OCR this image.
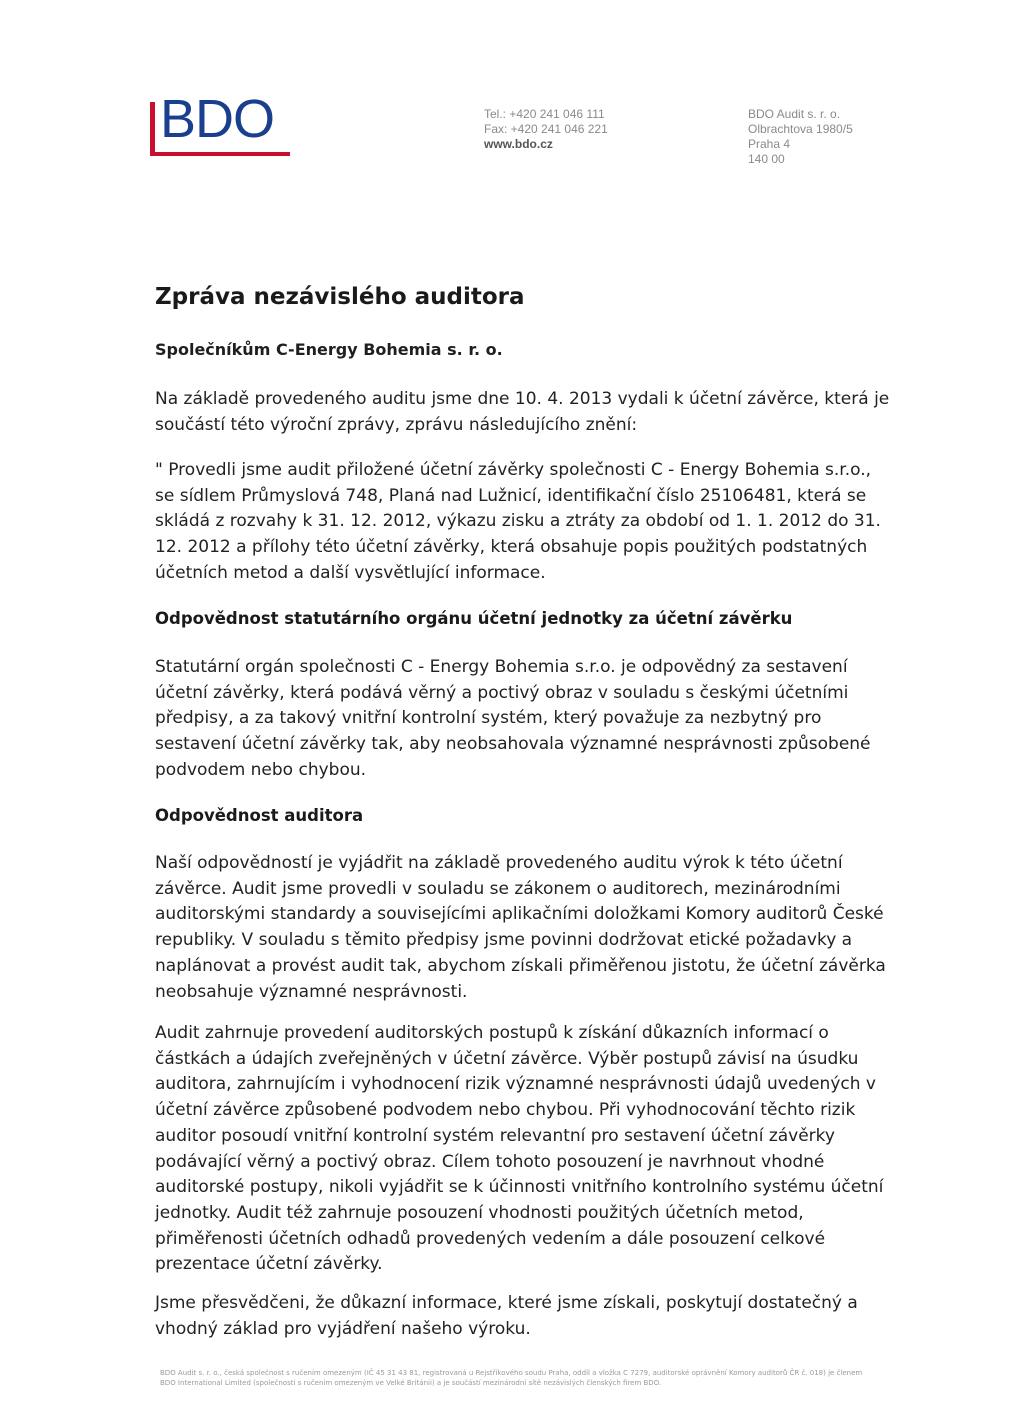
BDO	Tel.: +420 241 046 111
Fax: +420 241 046 221
www.bdo.cz
BDO Audit s. r. o.
Olbrachtova 1980/5
Praha 4
140 00
Zpráva nezávislého auditora
Společníkům C-Energy Bohemia s. r. o.

Na základě provedeného auditu jsme dne 10. 4. 2013 vydali k účetní závěrce, která je součástí této výroční zprávy, zprávu následujícího znění:

" Provedli jsme audit přiložené účetní závěrky společnosti C - Energy Bohemia s.r.o., se sídlem Průmyslová 748, Planá nad Lužnicí, identifikační číslo 25106481, která se skládá z rozvahy k 31. 12. 2012, výkazu zisku a ztráty za období od 1. 1. 2012 do 31. 12. 2012 a přílohy této účetní závěrky, která obsahuje popis použitých podstatných účetních metod a další vysvětlující informace.

Odpovědnost statutárního orgánu účetní jednotky za účetní závěrku

Statutární orgán společnosti C - Energy Bohemia s.r.o. je odpovědný za sestavení účetní závěrky, která podává věrný a poctivý obraz v souladu s českými účetními předpisy, a za takový vnitřní kontrolní systém, který považuje za nezbytný pro sestavení účetní závěrky tak, aby neobsahovala významné nesprávnosti způsobené podvodem nebo chybou.

Odpovědnost auditora

Naší odpovědností je vyjádřit na základě provedeného auditu výrok k této účetní závěrce. Audit jsme provedli v souladu se zákonem o auditorech, mezinárodními auditorskými standardy a souvisejícími aplikačními doložkami Komory auditorů České republiky. V souladu s těmito předpisy jsme povinni dodržovat etické požadavky a naplánovat a provést audit tak, abychom získali přiměřenou jistotu, že účetní závěrka neobsahuje významné nesprávnosti.

Audit zahrnuje provedení auditorských postupů k získání důkazních informací o částkách a údajích zveřejněných v účetní závěrce. Výběr postupů závisí na úsudku auditora, zahrnujícím i vyhodnocení rizik významné nesprávnosti údajů uvedených v účetní závěrce způsobené podvodem nebo chybou. Při vyhodnocování těchto rizik auditor posoudí vnitřní kontrolní systém relevantní pro sestavení účetní závěrky podávající věrný a poctivý obraz. Cílem tohoto posouzení je navrhnout vhodné auditorské postupy, nikoli vyjádřit se k účinnosti vnitřního kontrolního systému účetní jednotky. Audit též zahrnuje posouzení vhodnosti použitých účetních metod, přiměřenosti účetních odhadů provedených vedením a dále posouzení celkové prezentace účetní závěrky.

Jsme přesvědčeni, že důkazní informace, které jsme získali, poskytují dostatečný a vhodný základ pro vyjádření našeho výroku.

BDO Audit s. r. o., česká společnost s ručením omezeným (IČ 45 31 43 81, registrovaná u Rejstříkového soudu Praha, oddíl a vložka C 7279, auditorské oprávnění Komory auditorů ČR č. 018) je členem BDO International Limited (společnosti s ručením omezeným ve Velké Británii) a je součástí mezinárodní sítě nezávislých členských firem BDO.
